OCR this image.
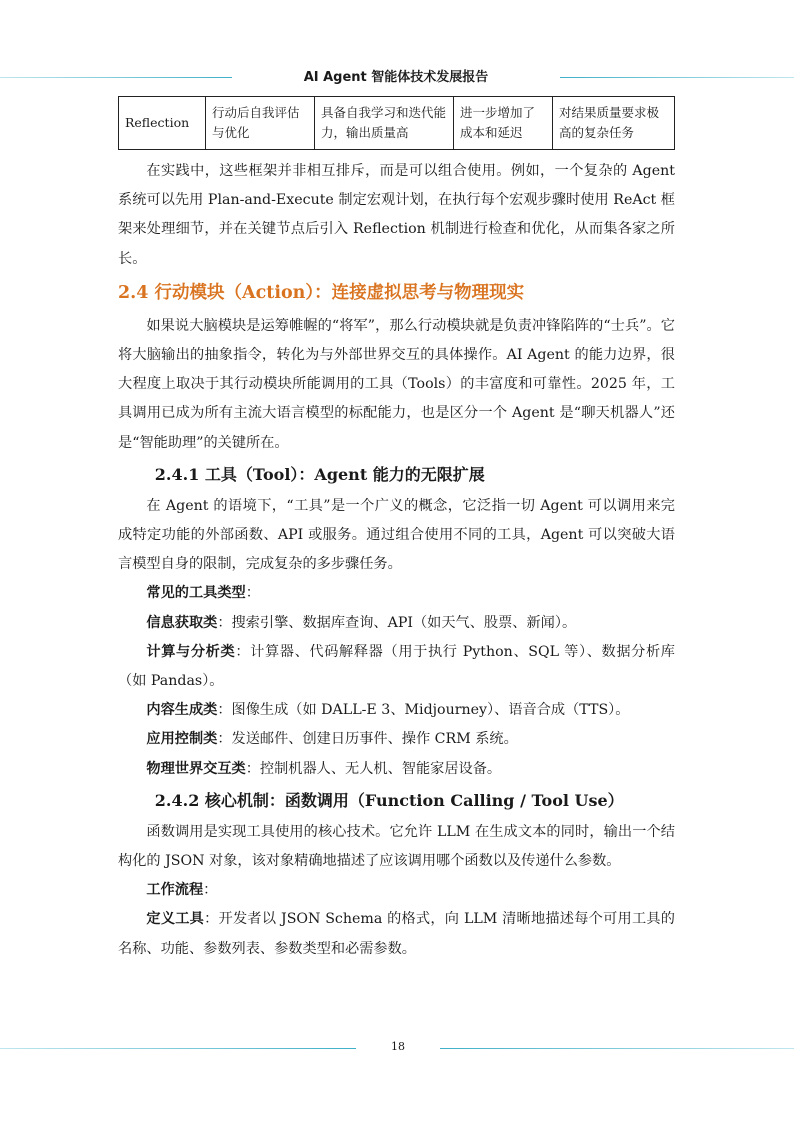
AI Agent 智能体技术发展报告
Reflection	行动后自我评估与优化	具备自我学习和迭代能力，输出质量高	进一步增加了成本和延迟	对结果质量要求极高的复杂任务

在实践中，这些框架并非相互排斥，而是可以组合使用。例如，一个复杂的 Agent 系统可以先用 Plan-and-Execute 制定宏观计划，在执行每个宏观步骤时使用 ReAct 框架来处理细节，并在关键节点后引入 Reflection 机制进行检查和优化，从而集各家之所长。

2.4 行动模块（Action）：连接虚拟思考与物理现实

如果说大脑模块是运筹帷幄的“将军”，那么行动模块就是负责冲锋陷阵的“士兵”。它将大脑输出的抽象指令，转化为与外部世界交互的具体操作。AI Agent 的能力边界，很大程度上取决于其行动模块所能调用的工具（Tools）的丰富度和可靠性。2025 年，工具调用已成为所有主流大语言模型的标配能力，也是区分一个 Agent 是“聊天机器人”还是“智能助理”的关键所在。

2.4.1 工具（Tool）：Agent 能力的无限扩展

在 Agent 的语境下，“工具”是一个广义的概念，它泛指一切 Agent 可以调用来完成特定功能的外部函数、API 或服务。通过组合使用不同的工具，Agent 可以突破大语言模型自身的限制，完成复杂的多步骤任务。

常见的工具类型：

信息获取类：搜索引擎、数据库查询、API（如天气、股票、新闻）。

计算与分析类：计算器、代码解释器（用于执行 Python、SQL 等）、数据分析库（如 Pandas）。

内容生成类：图像生成（如 DALL-E 3、Midjourney）、语音合成（TTS）。

应用控制类：发送邮件、创建日历事件、操作 CRM 系统。

物理世界交互类：控制机器人、无人机、智能家居设备。

2.4.2 核心机制：函数调用（Function Calling / Tool Use）

函数调用是实现工具使用的核心技术。它允许 LLM 在生成文本的同时，输出一个结构化的 JSON 对象，该对象精确地描述了应该调用哪个函数以及传递什么参数。

工作流程：

定义工具：开发者以 JSON Schema 的格式，向 LLM 清晰地描述每个可用工具的名称、功能、参数列表、参数类型和必需参数。

18
